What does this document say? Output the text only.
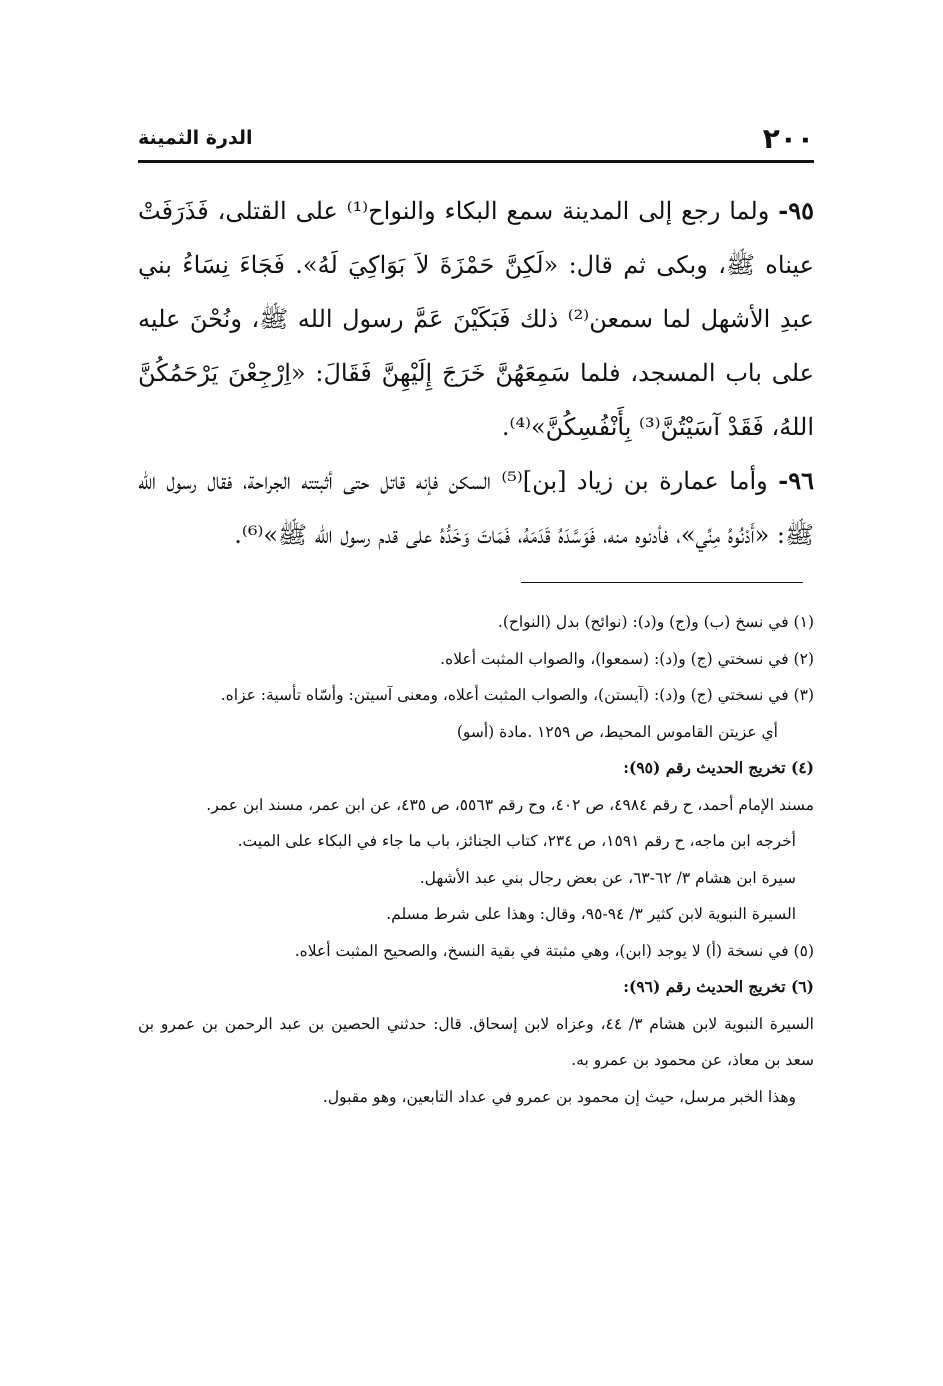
٢٠٠
الدرة الثمينة

٩٥- ولما رجع إلى المدينة سمع البكاء والنواح⁽¹⁾ على القتلى، فَذَرَفَتْ عيناه ﷺ، وبكى ثم قال: «لَكِنَّ حَمْزَةَ لاَ بَوَاكِيَ لَهُ». فَجَاءَ نِسَاءُ بني عبدِ الأشهل لما سمعن⁽²⁾ ذلك فَبَكَيْنَ عَمَّ رسول الله ﷺ، ونُحْنَ عليه على باب المسجد، فلما سَمِعَهُنَّ خَرَجَ إِلَيْهِنَّ فَقَالَ: «اِرْجِعْنَ يَرْحَمُكُنَّ اللهُ، فَقَدْ آسَيْتُنَّ⁽³⁾ بِأَنْفُسِكُنَّ»⁽⁴⁾.

٩٦- وأما عمارة بن زياد [بن]⁽⁵⁾ السكن فإنه قاتل حتى أثبتته الجراحة، فقال رسول الله ﷺ: «أَدْنُوهُ مِنِّي»، فأدنوه منه، فَوَسَّدَهُ قَدَمَهُ، فَمَاتَ وَخَدُّهُ على قدم رسول الله ﷺ»⁽⁶⁾.

(١) في نسخ (ب) و(ج) و(د): (نوائح) بدل (النواح).
(٢) في نسختي (ج) و(د): (سمعوا)، والصواب المثبت أعلاه.
(٣) في نسختي (ج) و(د): (آيستن)، والصواب المثبت أعلاه، ومعنى آسيتن: وأسّاه تأسية: عزاه.
أي عزيتن القاموس المحيط، ص ١٢٥٩ .مادة (أسو)
(٤) تخريج الحديث رقم (٩٥):
مسند الإمام أحمد، ح رقم ٤٩٨٤، ص ٤٠٢، وح رقم ٥٥٦٣، ص ٤٣٥، عن ابن عمر، مسند ابن عمر.
أخرجه ابن ماجه، ح رقم ١٥٩١، ص ٢٣٤، كتاب الجنائز، باب ما جاء في البكاء على الميت.
سيرة ابن هشام ٣/ ٦٢-٦٣، عن بعض رجال بني عبد الأشهل.
السيرة النبوية لابن كثير ٣/ ٩٤-٩٥، وقال: وهذا على شرط مسلم.
(٥) في نسخة (أ) لا يوجد (ابن)، وهي مثبتة في بقية النسخ، والصحيح المثبت أعلاه.
(٦) تخريج الحديث رقم (٩٦):
السيرة النبوية لابن هشام ٣/ ٤٤، وعزاه لابن إسحاق. قال: حدثني الحصين بن عبد الرحمن بن عمرو بن سعد بن معاذ، عن محمود بن عمرو به.
وهذا الخبر مرسل، حيث إن محمود بن عمرو في عداد التابعين، وهو مقبول.
